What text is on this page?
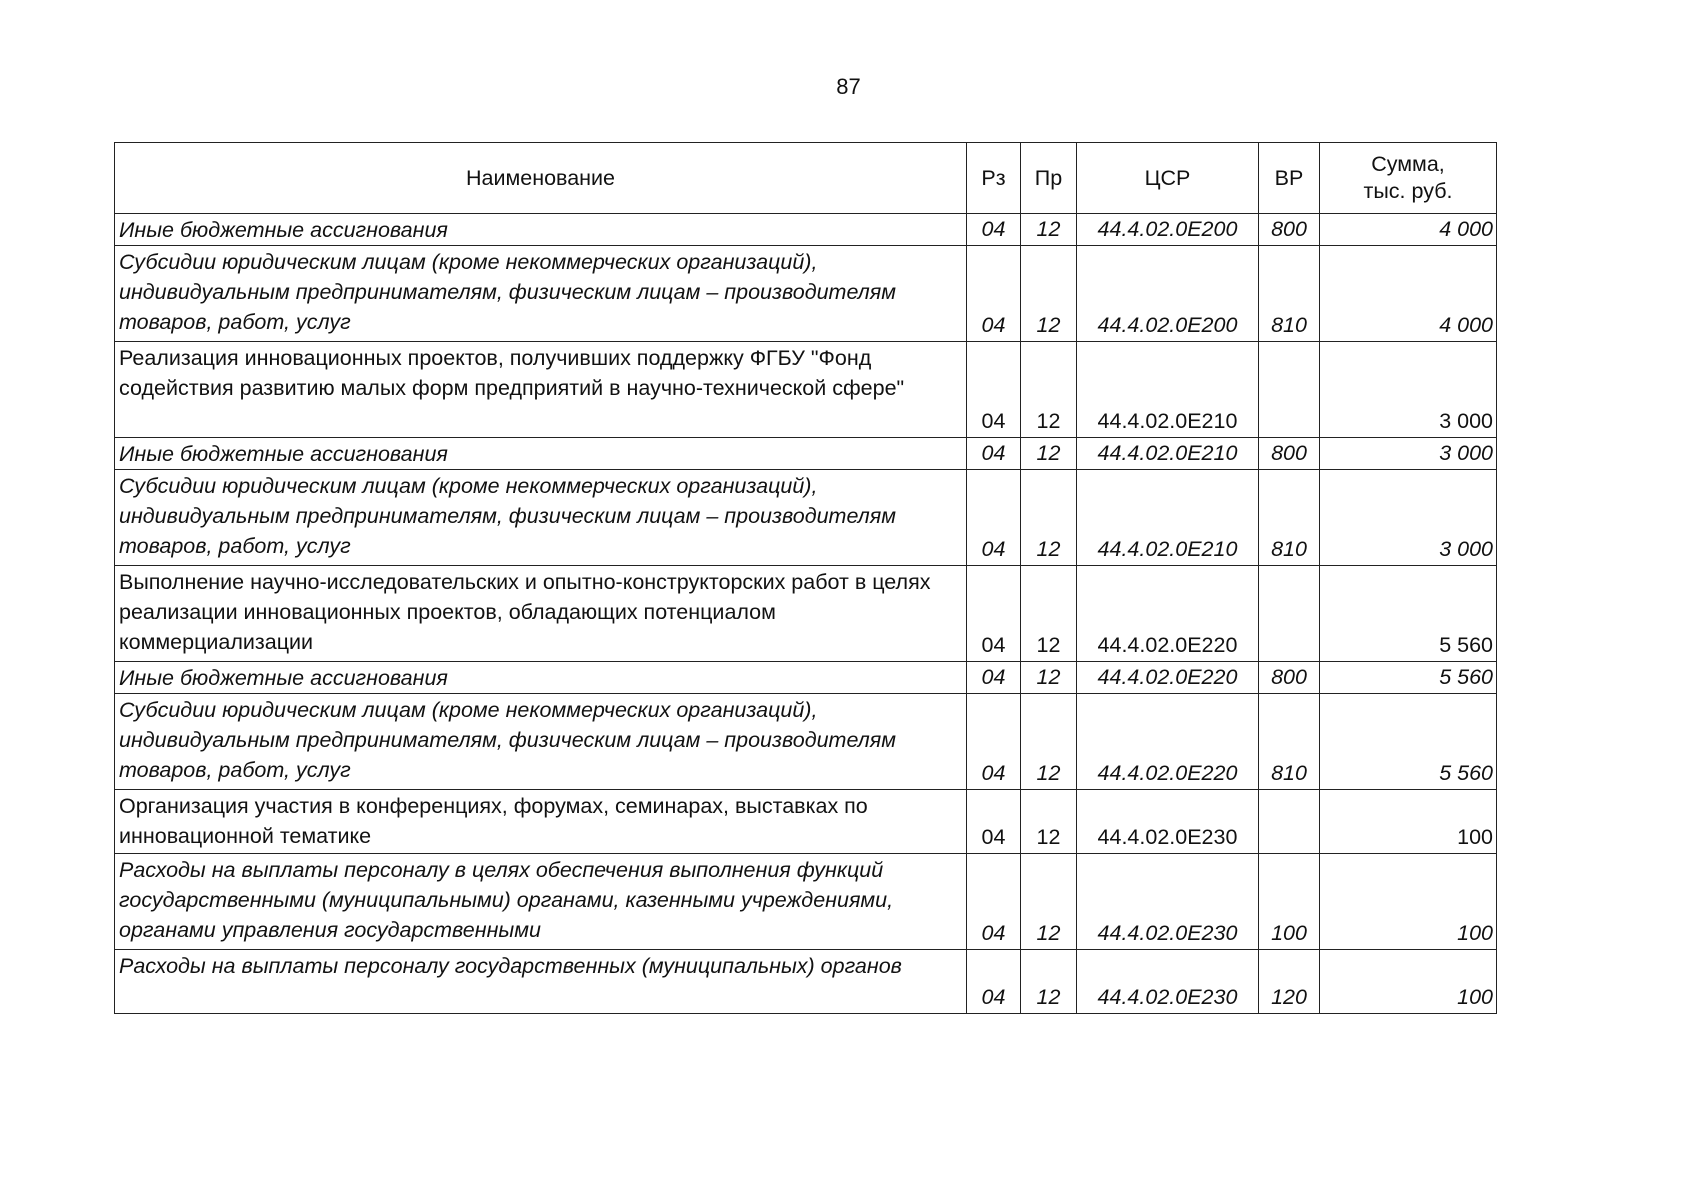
87
Наименование	Рз	Пр	ЦСР	ВР	Сумма,
тыс. руб.
Иные бюджетные ассигнования	04	12	44.4.02.0Е200	800	4 000
Субсидии юридическим лицам (кроме некоммерческих организаций), индивидуальным предпринимателям, физическим лицам – производителям товаров, работ, услуг	04	12	44.4.02.0Е200	810	4 000
Реализация инновационных проектов, получивших поддержку ФГБУ "Фонд содействия развитию малых форм предприятий в научно-технической сфере"	04	12	44.4.02.0Е210		3 000
Иные бюджетные ассигнования	04	12	44.4.02.0Е210	800	3 000
Субсидии юридическим лицам (кроме некоммерческих организаций), индивидуальным предпринимателям, физическим лицам – производителям товаров, работ, услуг	04	12	44.4.02.0Е210	810	3 000
Выполнение научно-исследовательских и опытно-конструкторских работ в целях реализации инновационных проектов, обладающих потенциалом коммерциализации	04	12	44.4.02.0Е220		5 560
Иные бюджетные ассигнования	04	12	44.4.02.0Е220	800	5 560
Субсидии юридическим лицам (кроме некоммерческих организаций), индивидуальным предпринимателям, физическим лицам – производителям товаров, работ, услуг	04	12	44.4.02.0Е220	810	5 560
Организация участия в конференциях, форумах, семинарах, выставках по инновационной тематике	04	12	44.4.02.0Е230		100
Расходы на выплаты персоналу в целях обеспечения выполнения функций государственными (муниципальными) органами, казенными учреждениями, органами управления государственными	04	12	44.4.02.0Е230	100	100
Расходы на выплаты персоналу государственных (муниципальных) органов	04	12	44.4.02.0Е230	120	100
